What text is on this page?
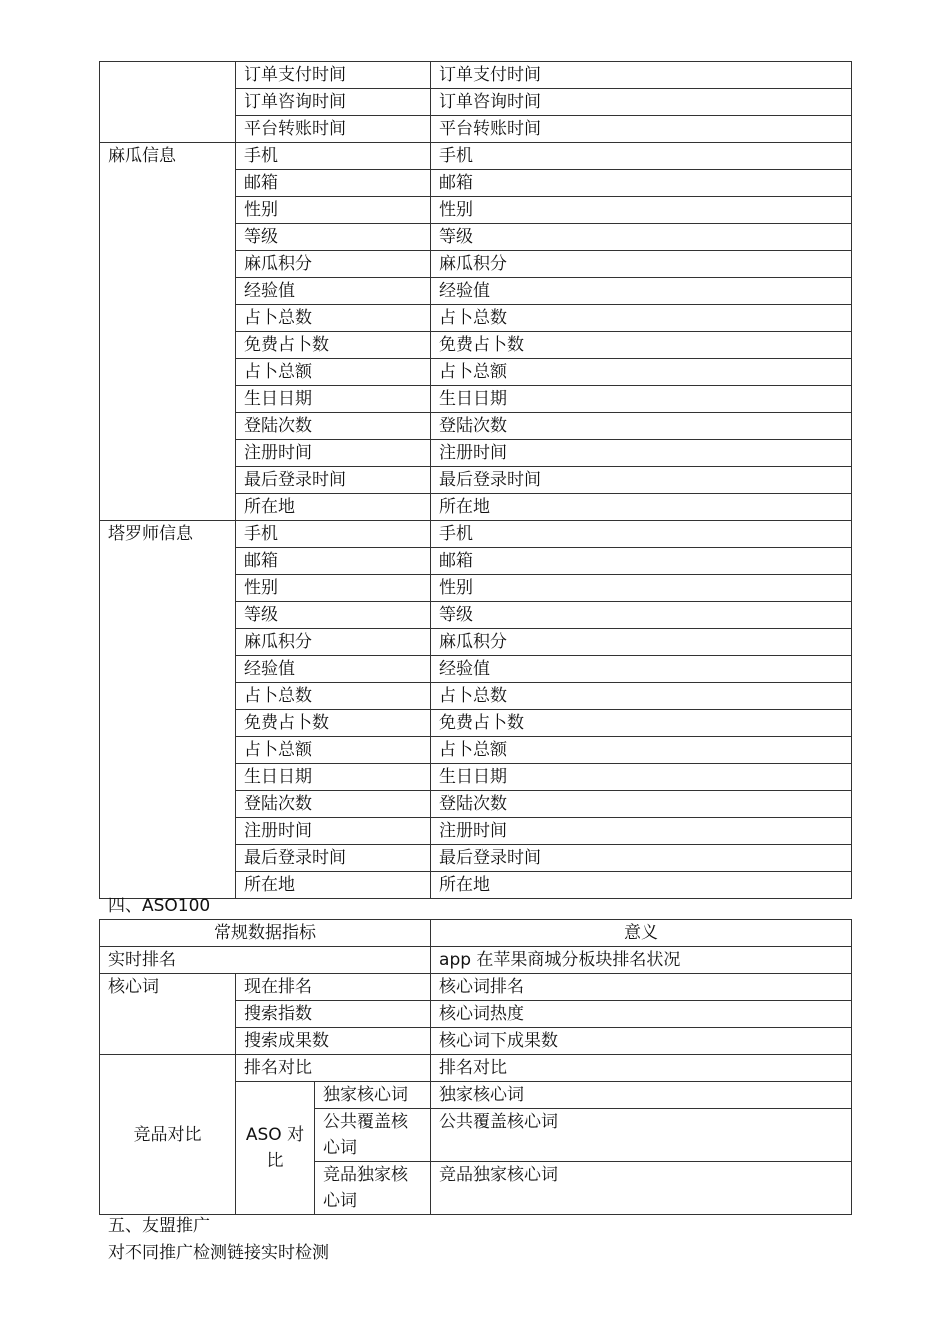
	订单支付时间	订单支付时间
	订单咨询时间	订单咨询时间
	平台转账时间	平台转账时间
麻瓜信息	手机	手机
	邮箱	邮箱
	性别	性别
	等级	等级
	麻瓜积分	麻瓜积分
	经验值	经验值
	占卜总数	占卜总数
	免费占卜数	免费占卜数
	占卜总额	占卜总额
	生日日期	生日日期
	登陆次数	登陆次数
	注册时间	注册时间
	最后登录时间	最后登录时间
	所在地	所在地
塔罗师信息	手机	手机
	邮箱	邮箱
	性别	性别
	等级	等级
	麻瓜积分	麻瓜积分
	经验值	经验值
	占卜总数	占卜总数
	免费占卜数	免费占卜数
	占卜总额	占卜总额
	生日日期	生日日期
	登陆次数	登陆次数
	注册时间	注册时间
	最后登录时间	最后登录时间
	所在地	所在地
四、ASO100
常规数据指标			意义
实时排名			app 在苹果商城分板块排名状况
核心词	现在排名		核心词排名
	搜索指数		核心词热度
	搜索成果数		核心词下成果数
竞品对比	排名对比		排名对比
	ASO 对比	独家核心词	独家核心词
		公共覆盖核心词	公共覆盖核心词
		竞品独家核心词	竞品独家核心词
五、友盟推广
对不同推广检测链接实时检测
